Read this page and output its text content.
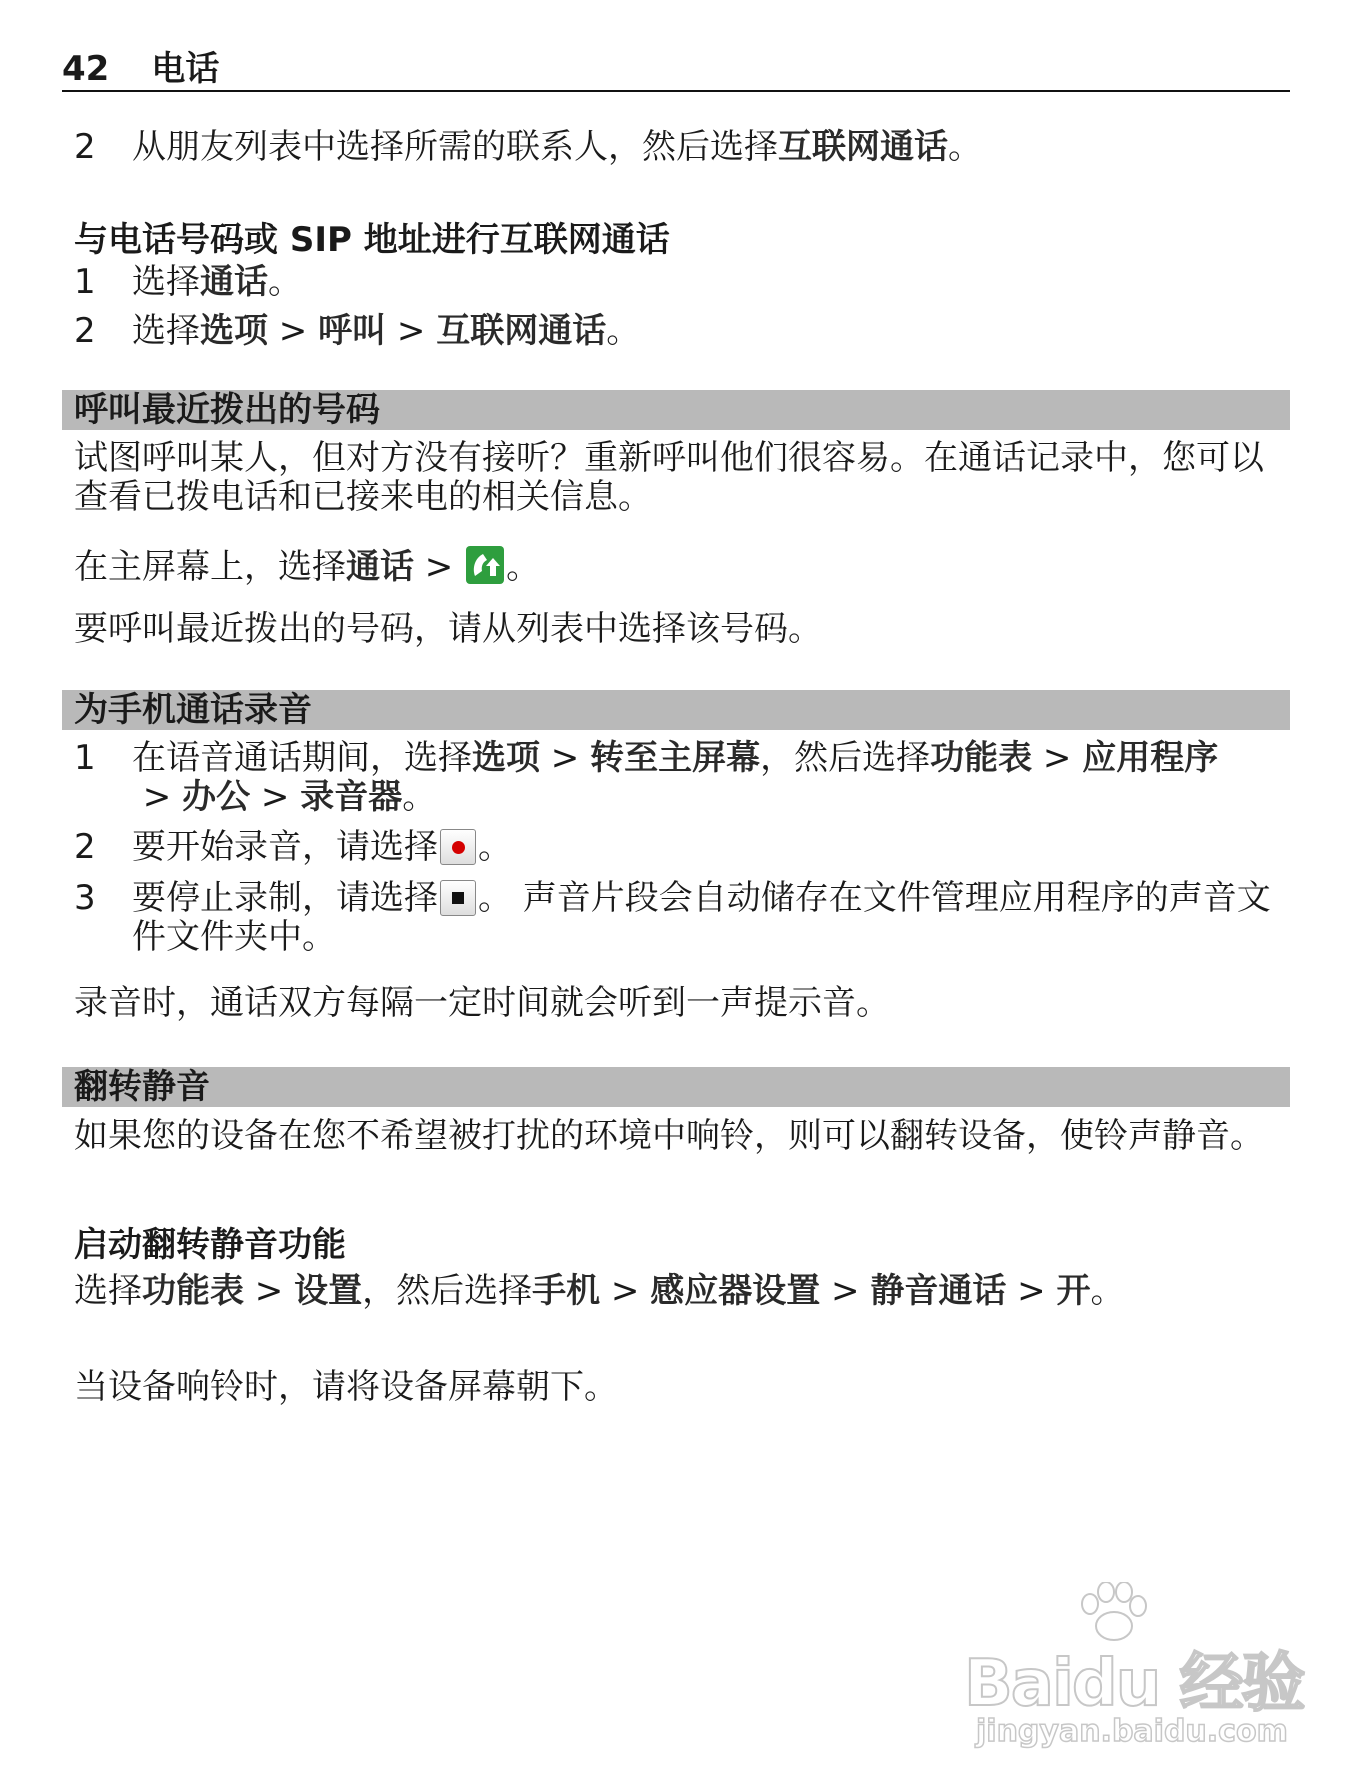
42 电话
2	从朋友列表中选择所需的联系人，然后选择互联网通话。
与电话号码或 SIP 地址进行互联网通话
1	选择通话。
2	选择选项 > 呼叫 > 互联网通话。
呼叫最近拨出的号码
试图呼叫某人，但对方没有接听？重新呼叫他们很容易。在通话记录中，您可以查看已拨电话和已接来电的相关信息。
在主屏幕上，选择通话 > 。
要呼叫最近拨出的号码，请从列表中选择该号码。
为手机通话录音
1	在语音通话期间，选择选项 > 转至主屏幕，然后选择功能表 > 应用程序 > 办公 > 录音器。
2	要开始录音，请选择 。
3	要停止录制，请选择 。 声音片段会自动储存在文件管理应用程序的声音文件文件夹中。
录音时，通话双方每隔一定时间就会听到一声提示音。
翻转静音
如果您的设备在您不希望被打扰的环境中响铃，则可以翻转设备，使铃声静音。
启动翻转静音功能
选择功能表 > 设置，然后选择手机 > 感应器设置 > 静音通话 > 开。
当设备响铃时，请将设备屏幕朝下。
Baidu 经验
jingyan.baidu.com
